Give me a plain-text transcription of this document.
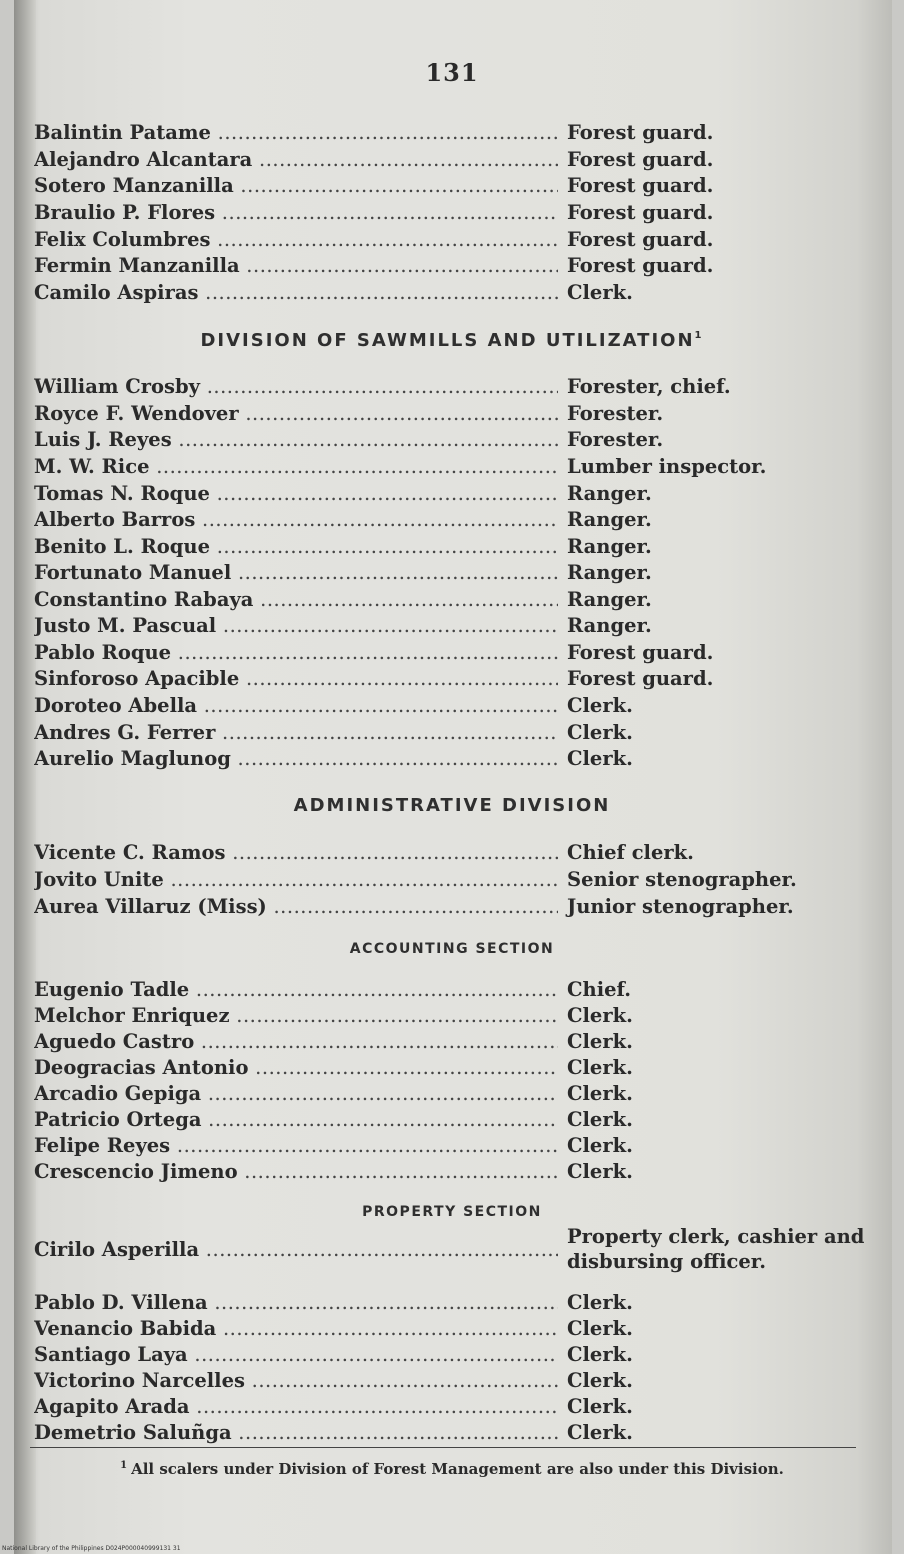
131
Balintin Patame .....	Forest guard.
Alejandro Alcantara .....	Forest guard.
Sotero Manzanilla .....	Forest guard.
Braulio P. Flores .....	Forest guard.
Felix Columbres .....	Forest guard.
Fermin Manzanilla .....	Forest guard.
Camilo Aspiras .....	Clerk.
DIVISION OF SAWMILLS AND UTILIZATION$^1$
William Crosby .....	Forester, chief.
Royce F. Wendover .....	Forester.
Luis J. Reyes .....	Forester.
M. W. Rice .....	Lumber inspector.
Tomas N. Roque .....	Ranger.
Alberto Barros .....	Ranger.
Benito L. Roque .....	Ranger.
Fortunato Manuel .....	Ranger.
Constantino Rabaya .....	Ranger.
Justo M. Pascual .....	Ranger.
Pablo Roque .....	Forest guard.
Sinforoso Apacible .....	Forest guard.
Doroteo Abella .....	Clerk.
Andres G. Ferrer .....	Clerk.
Aurelio Maglunog .....	Clerk.
ADMINISTRATIVE DIVISION
Vicente C. Ramos .....	Chief clerk.
Jovito Unite .....	Senior stenographer.
Aurea Villaruz (Miss) .....	Junior stenographer.
ACCOUNTING SECTION
Eugenio Tadle .....	Chief.
Melchor Enriquez .....	Clerk.
Aguedo Castro .....	Clerk.
Deogracias Antonio .....	Clerk.
Arcadio Gepiga .....	Clerk.
Patricio Ortega .....	Clerk.
Felipe Reyes .....	Clerk.
Crescencio Jimeno .....	Clerk.
PROPERTY SECTION
Cirilo Asperilla .....
Property clerk, cashier and disbursing officer.
Pablo D. Villena .....	Clerk.
Venancio Babida .....	Clerk.
Santiago Laya .....	Clerk.
Victorino Narcelles .....	Clerk.
Agapito Arada .....	Clerk.
Demetrio Saluñga .....	Clerk.
$^1$ All scalers under Division of Forest Management are also under this Division.
National Library of the Philippines D024P000040999131 31
